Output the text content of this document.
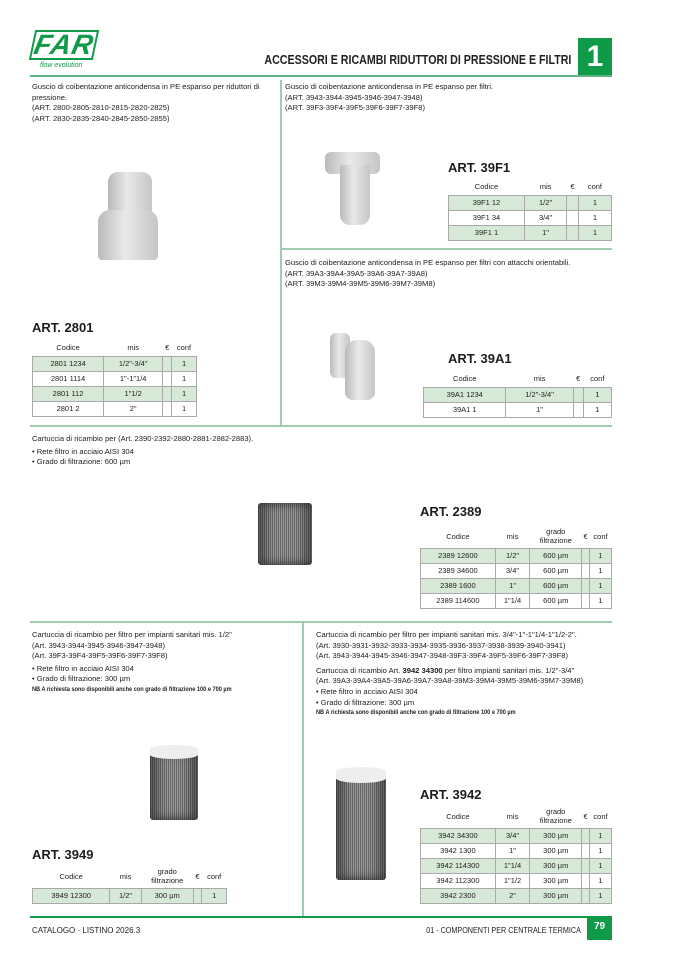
FAR
flow evolution	ACCESSORI E RICAMBI RIDUTTORI DI PRESSIONE E FILTRI 1

Guscio di coibentazione anticondensa in PE espanso per riduttori di pressione.

(ART. 2800-2805-2810-2815-2820-2825)

(ART. 2830-2835-2840-2845-2850-2855)

ART. 2801
Codice	mis	€	conf
2801 1234	1/2"-3/4"		1
2801 1114	1"-1"1/4		1
2801 112	1"1/2		1
2801 2	2"		1

Guscio di coibentazione anticondensa in PE espanso per filtri.

(ART. 3943-3944-3945-3946-3947-3948)

(ART. 39F3-39F4-39F5-39F6-39F7-39F8)

ART. 39F1
Codice	mis	€	conf
39F1 12	1/2"		1
39F1 34	3/4"		1
39F1 1	1"		1

Guscio di coibentazione anticondensa in PE espanso per filtri con attacchi orientabili.

(ART. 39A3-39A4-39A5-39A6-39A7-39A8)

(ART. 39M3-39M4-39M5-39M6-39M7-39M8)

ART. 39A1
Codice	mis	€	conf
39A1 1234	1/2"-3/4"		1
39A1 1	1"		1

Cartuccia di ricambio per (Art. 2390-2392-2880-2881-2882-2883).

• Rete filtro in acciaio AISI 304
• Grado di filtrazione: 600 µm
ART. 2389
Codice	mis	grado filtrazione	€	conf
2389 12600	1/2"	600 µm		1
2389 34600	3/4"	600 µm		1
2389 1600	1"	600 µm		1
2389 114600	1"1/4	600 µm		1

Cartuccia di ricambio per filtro per impianti sanitari mis. 1/2"

(Art. 3943-3944-3945-3946-3947-3948)

(Art. 39F3-39F4-39F5-39F6-39F7-39F8)

• Rete filtro in acciaio AISI 304
• Grado di filtrazione: 300 µm

NB A richiesta sono disponibili anche con grado di filtrazione 100 e 700 µm

ART. 3949
Codice	mis	grado filtrazione	€	conf
3949 12300	1/2"	300 µm		1

Cartuccia di ricambio per filtro per impianti sanitari mis. 3/4"-1"-1"1/4-1"1/2-2".

(Art. 3930-3931-3932-3933-3934-3935-3936-3937-3938-3939-3940-3941)

(Art. 3943-3944-3945-3946-3947-3948-39F3-39F4-39F5-39F6-39F7-39F8)

Cartuccia di ricambio Art. 3942 34300 per filtro impianti sanitari mis. 1/2"-3/4"

(Art. 39A3-39A4-39A5-39A6-39A7-39A8-39M3-39M4-39M5-39M6-39M7-39M8)

• Rete filtro in acciaio AISI 304
• Grado di filtrazione: 300 µm

NB A richiesta sono disponibili anche con grado di filtrazione 100 e 700 µm

ART. 3942
Codice	mis	grado filtrazione	€	conf
3942 34300	3/4"	300 µm		1
3942 1300	1"	300 µm		1
3942 114300	1"1/4	300 µm		1
3942 112300	1"1/2	300 µm		1
3942 2300	2"	300 µm		1
CATALOGO · LISTINO 2026.3	01 - COMPONENTI PER CENTRALE TERMICA	79
